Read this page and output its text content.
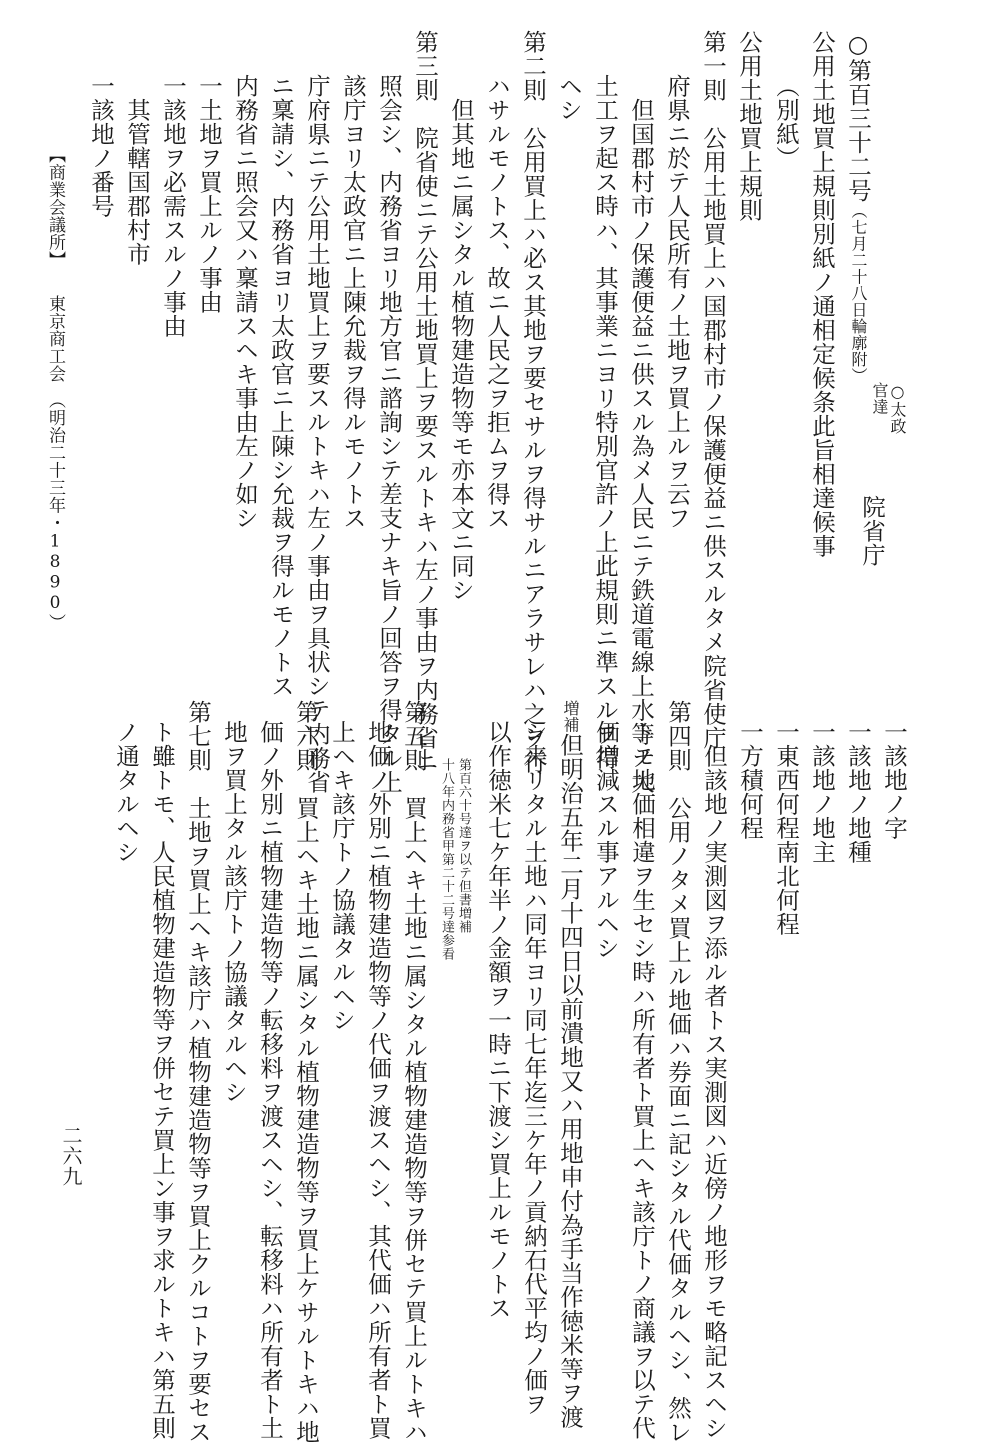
○第百三十二号（七月二十八日輪廓附）
○太政
官達
院省庁
公用土地買上規則別紙ノ通相定候条此旨相達候事
（別紙）
公用土地買上規則
第一則　公用土地買上ハ国郡村市ノ保護便益ニ供スルタメ院省使庁
府県ニ於テ人民所有ノ土地ヲ買上ルヲ云フ
但国郡村市ノ保護便益ニ供スル為メ人民ニテ鉄道電線上水等ノ大
土工ヲ起ス時ハ、其事業ニヨリ特別官許ノ上此規則ニ準スルヲ得
ヘシ
第二則　公用買上ハ必ス其地ヲ要セサルヲ得サルニアラサレハ之ヲ行
ハサルモノトス、故ニ人民之ヲ拒ムヲ得ス
但其地ニ属シタル植物建造物等モ亦本文ニ同シ
第三則　院省使ニテ公用土地買上ヲ要スルトキハ左ノ事由ヲ内務省ニ
照会シ、内務省ヨリ地方官ニ諮詢シテ差支ナキ旨ノ回答ヲ得タル上
該庁ヨリ太政官ニ上陳允裁ヲ得ルモノトス
庁府県ニテ公用土地買上ヲ要スルトキハ左ノ事由ヲ具状シテ内務省
ニ稟請シ、内務省ヨリ太政官ニ上陳シ允裁ヲ得ルモノトス
内務省ニ照会又ハ稟請スヘキ事由左ノ如シ
一土地ヲ買上ルノ事由
一該地ヲ必需スルノ事由
其管轄国郡村市
一該地ノ番号
【商業会議所】　　東京商工会　（明治二十三年・1890）
一該地ノ字
一該地ノ地種
一該地ノ地主
一東西何程南北何程
一方積何程
但該地ノ実測図ヲ添ル者トス実測図ハ近傍ノ地形ヲモ略記スヘシ
第四則　公用ノタメ買上ル地価ハ券面ニ記シタル代価タルヘシ、然レ
トモ地価相違ヲ生セシ時ハ所有者ト買上ヘキ該庁トノ商議ヲ以テ代
価増減スル事アルヘシ
増補但明治五年二月十四日以前潰地又ハ用地申付為手当作徳米等ヲ渡
シ来リタル土地ハ同年ヨリ同七年迄三ケ年ノ貢納石代平均ノ価ヲ
以作徳米七ケ年半ノ金額ヲ一時ニ下渡シ買上ルモノトス
第百六十号達ヲ以テ但書増補
十八年内務省甲第二十二号達参看
第五則　買上ヘキ土地ニ属シタル植物建造物等ヲ併セテ買上ルトキハ
地価ノ外別ニ植物建造物等ノ代価ヲ渡スヘシ、其代価ハ所有者ト買
上ヘキ該庁トノ協議タルヘシ
第六則　買上ヘキ土地ニ属シタル植物建造物等ヲ買上ケサルトキハ地
価ノ外別ニ植物建造物等ノ転移料ヲ渡スヘシ、転移料ハ所有者ト土
地ヲ買上タル該庁トノ協議タルヘシ
第七則　土地ヲ買上ヘキ該庁ハ植物建造物等ヲ買上クルコトヲ要セス
ト雖トモ、人民植物建造物等ヲ併セテ買上ン事ヲ求ルトキハ第五則
ノ通タルヘシ
二六九
